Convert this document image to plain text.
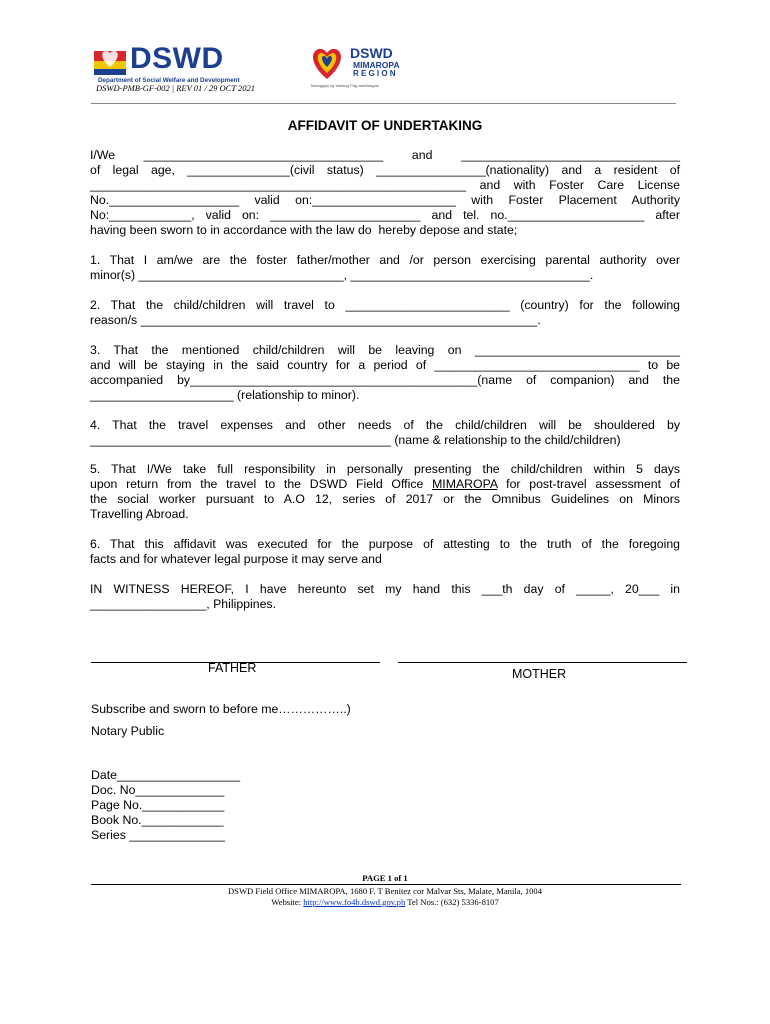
DSWD
Department of Social Welfare and Development
DSWD-PMB-GF-002 | REV 01 / 29 OCT 2021
DSWD
MIMAROPA
REGION
Tatanggap ng Walang Pag-aalinlangan
AFFIDAVIT OF UNDERTAKING
I/We ___________________________________ and ________________________________
of legal age, _______________(civil status) ________________(nationality) and a resident of
_______________________________________________________ and with Foster Care License
No.___________________ valid on:_____________________ with Foster Placement Authority
No:____________, valid on: ______________________ and tel. no.____________________ after
having been sworn to in accordance with the law do  hereby depose and state;
1. That I am/we are the foster father/mother and /or person exercising parental authority over
minor(s) ______________________________, ___________________________________.
2. That the child/children will travel to ________________________ (country) for the following
reason/s __________________________________________________________.
3. That the mentioned child/children will be leaving on ______________________________
and will be staying in the said country for a period of ______________________________ to be
accompanied by__________________________________________(name of companion) and the
_____________________ (relationship to minor).
4. That the travel expenses and other needs of the child/children will be shouldered by
____________________________________________ (name & relationship to the child/children)
5. That I/We take full responsibility in personally presenting the child/children within 5 days
upon return from the travel to the DSWD Field Office MIMAROPA for post-travel assessment of
the social worker pursuant to A.O 12, series of 2017 or the Omnibus Guidelines on Minors
Travelling Abroad.
6. That this affidavit was executed for the purpose of attesting to the truth of the foregoing
facts and for whatever legal purpose it may serve and
IN WITNESS HEREOF, I have hereunto set my hand this ___th day of _____, 20___ in
_________________, Philippines.
FATHER	MOTHER
Subscribe and sworn to before me……………..)
Notary Public
Date__________________
Doc. No_____________
Page No.____________
Book No.____________
Series ______________
PAGE 1 of 1
DSWD Field Office MIMAROPA, 1680 F. T Benitez cor Malvar Sts, Malate, Manila, 1004
Website: http://www.fo4b.dswd.gov.ph Tel Nos.: (632) 5336-8107
